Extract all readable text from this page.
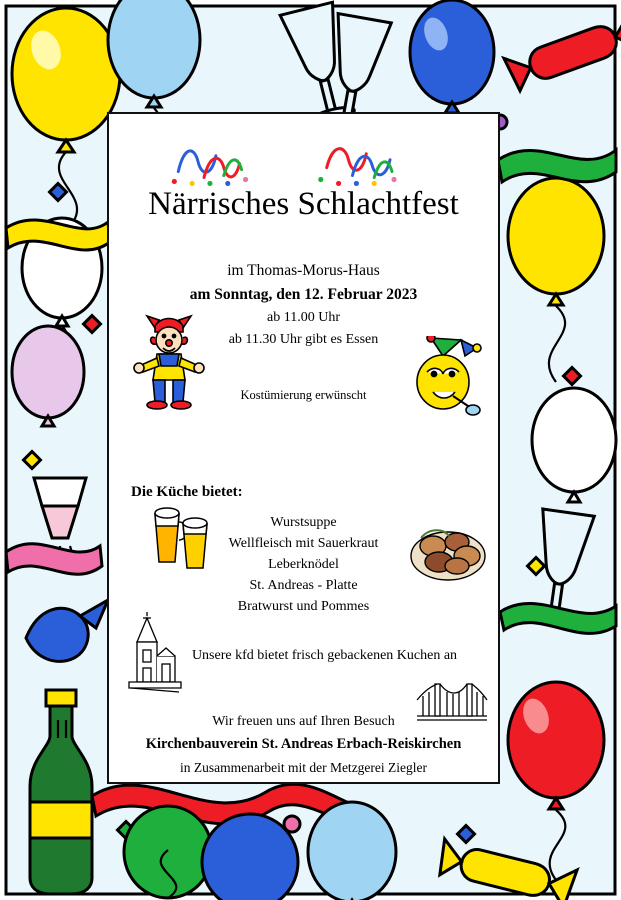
Närrisches Schlachtfest
im Thomas-Morus-Haus
am Sonntag, den 12. Februar 2023
ab 11.00 Uhr
ab 11.30 Uhr gibt es Essen
Kostümierung erwünscht
Die Küche bietet:
Wurstsuppe
Wellfleisch mit Sauerkraut
Leberknödel
St. Andreas - Platte
Bratwurst und Pommes
Unsere kfd bietet frisch gebackenen Kuchen an
Wir freuen uns auf Ihren Besuch
Kirchenbauverein St. Andreas Erbach-Reiskirchen
in Zusammenarbeit mit der Metzgerei Ziegler
